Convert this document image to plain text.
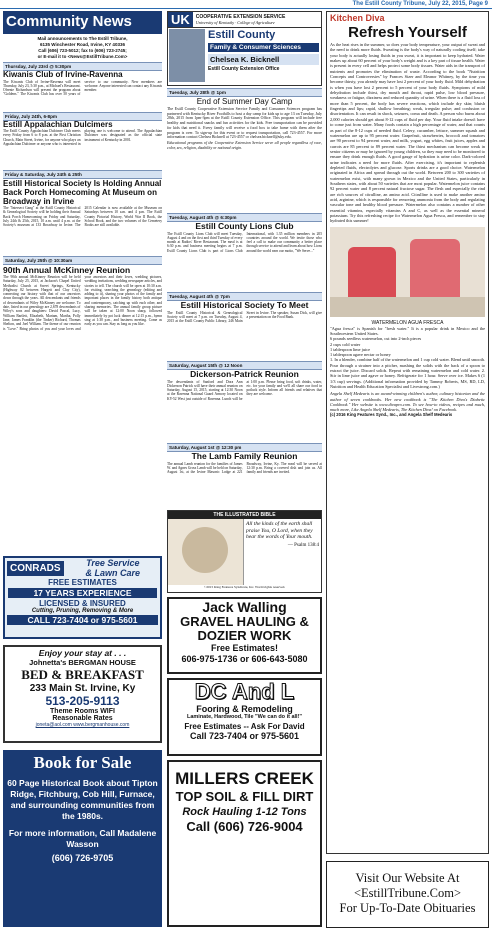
The Estill County Tribune, July 22, 2015, Page 9
Community News
Mail announcements to The Estill Tribune,
6135 Winchester Road, Irvine, KY 40336
Call (606) 723-5012; fax to (606) 723-2745;
or E-mail it to <News@EstillTribune.Com>
Thursday, July 23rd @ 5:30pm
Kiwanis Club of Irvine-Ravenna
The Kiwanis Club of Irvine-Ravenna will meet Thursday, July 23, 5:30 p.m., at Michael's Restaurant. Ofrenie Richardson will present the program about "Goldens." The Kiwanis Club has over 50 years of service to our community. New members are welcome. Anyone interested can contact any Kiwanis member.
Friday, July 24th, 6-8pm
Estill Appalachian Dulcimers
The Estill County Appalachian Dulcimer Club meets every Friday from 6 to 8 p.m. at the First Christian Church, Main Street, Irvine, for anyone who plays an Appalachian Dulcimer or anyone who is interested in playing one is welcome to attend. The Appalachian Dulcimer was designated as the official state instrument of Kentucky in 2001.
Friday & Saturday, July 24th & 25th
Estill Historical Society Is Holding Annual Back Porch Homecoming At Museum on Broadway in Irvine
The "Intersect Gang" at the Estill County Historical & Genealogical Society will be holding their Annual Back Porch Homecoming on Friday and Saturday, July 24th & 25th, 2015, 10 a.m. until 4 p.m. at the Society's museum at 133 Broadway in Irvine. The 2015 Calendar is now available at the Museum on Saturdays between 10 a.m. and 4 p.m. The Estill County Pictorial History, World War II Book, the School Book, and the two volumes of the Cemetery Books are still available.
Saturday, July 25th @ 10:30am
90th Annual McKinney Reunion
The 90th annual McKinney Reunion will be held Saturday, July 25, 2015, at Jackson's Chapel United Methodist Church at Sweet Springs, Kentucky (Highway 82 between Hargett and Clay City), connecting our history with that of our ancestors down through the years. All descendants and friends of descendants of Wiley McKinney are welcome. To date, listed in our genealogy are 2,678 descendants of Wiley's sons and daughters: David Pascal, Lucy, William Bartlett, Elizabeth, Mariam, Martha, Polly Jane, James Franklin (the Tinker) Richard, Thomas Shelton, and Joel William. The theme of our reunion is "Love." Bring photos of you and your loves and your ancestors and their loves, wedding pictures, wedding invitations, wedding newspaper articles, and stories to tell. The church will be open at 10:30 a.m. for visiting, searching the genealogy (editing and adding to it), sharing your photos of the family and important places in the family history both antique and contemporary, catching up with each other, and sharing memories. The annual family group picture will be taken at 12:00 Noon sharp, followed immediately by pot luck dinner at 12:15 p.m., hymn sing at 1:30 p.m., and business meeting. Come as early as you can. Stay as long as you like.
CONRADS	Tree Service
& Lawn Care
FREE ESTIMATES
17 YEARS EXPERIENCE
LICENSED & INSURED
Cutting, Pruning, Removing & More
CALL 723-7404 or 975-5601
Enjoy your stay at . . .
Johnetta's BERGMAN HOUSE
BED & BREAKFAST
233 Main St. Irvine, Ky
513-205-9113
Theme Rooms WIFI
Reasonable Rates
joneta@aol.com www.bergmanhouse.com
Book for Sale
60 Page Historical Book about Tipton Ridge, Fitchburg, Cob Hill, Furnace, and surrounding communities from the 1980s.
For more information, Call Madalene Wasson
(606) 726-9705
UK	COOPERATIVE EXTENSION SERVICE
University of Kentucky · College of Agriculture
Estill County
Family & Consumer Sciences
Chelsea K. Bicknell
Estill County Extension Office
Tuesday, July 28th @ 1pm
End of Summer Day Camp
The Estill County Cooperative Extension Service Family and Consumer Sciences program has partnered with Kentucky River Foothills to host a day camp for kids up to age 13 on Tuesday, July 28th, 2015 from 1pm-3pm at the Estill County Extension Office. This program will include free healthy and nutritional snacks and fun activities for the kids. Free transportation can be provided for kids that need it. Every family will receive a food box to take home with them after the program is over. To sign-up for this event or to request transportation, call 723-4557. For more information contact Chelsea Bicknell at 723-4557 or chelsea.bicknell@uky.edu.
Educational programs of the Cooperative Extension Service serve all people regardless of race, color, sex, religion, disability or national origin.
Tuesday, August 4th @ 6:30pm
Estill County Lions Club
The Estill County Lions Club will meet Tuesday, August 4 and on the first and third Tuesday of every month at Radios' River Restaurant. The meal is at 6:30 p.m. and business meeting begins at 7 p.m. Estill County Lions Club is part of Lions Club International, with 1.35 million members in 205 countries around the world. We invite those who feel a call to make our community a better place through service to attend and learn about how Lions around the world earn our motto, "We Serve..."
Tuesday, August 4th @ 7pm
Estill Historical Society To Meet
The Estill County Historical & Genealogical Society will meet at 7 p.m. on Tuesday, August 4, 2015 at the Estill County Public Library, 246 Main Street in Irvine. The speaker, Susan Dick, will give a presentation on the Food Bank.
Saturday, August 15th @ 12 Noon
Dickerson-Patrick Reunion
The descendants of Sanford and Dora Ann Dickerson Patrick will have their annual reunion on Saturday, August 15, 2015, starting at 12:30 Noon at the Ravenna National Guard Armory located on KY-52 West just outside of Ravenna. Lunch will be at 1:00 p.m. Please bring food, soft drinks, water, etc. for your family and we'll all share our food in potluck style. Inform all friends and relatives that they are welcome.
Saturday, August 1st @ 12:30 pm
The Lamb Family Reunion
The annual Lamb reunion for the families of James W. and Agnes Gross Lamb will be held on Saturday, August 1st, at the Irvine Masonic Lodge at 221 Broadway, Irvine, Ky. The meal will be served at 12:30 p.m. Bring a covered dish and join us. All family and friends are invited.
THE ILLUSTRATED BIBLE
All the kinds of the earth shall praise You, O Lord, when they hear the words of Your mouth.
— Psalm 138:4
©2015 King Features Syndicate, Inc. World rights reserved.
Jack Walling
GRAVEL HAULING &
DOZIER WORK
Free Estimates!
606-975-1736 or 606-643-5080
DC And L
Fooring & Remodeling
Laminate, Hardwood, Tile "We can do it all!"
Free Estimates -- Ask For David
Call 723-7404 or 975-5601
MILLERS CREEK
TOP SOIL & FILL DIRT
Rock Hauling 1-12 Tons
Call (606) 726-9004
Kitchen Diva
Refresh Yourself
As the heat rises in the summer, so does your body temperature, your output of sweat and the need to drink more fluids. Sweating is the body's way of naturally cooling itself; take your body is actually losing fluids in you sweat, it is important to keep hydrated. Water makes up about 60 percent of your body's weight and is a key part of tissue health. Water is present in every cell and helps protect some body tissues. Water aids in the transport of nutrients and promotes the elimination of waste. According to the book "Nutrition Concepts and Controversies" by Frances Sizer and Eleanor Whitney, by the time you become thirsty, you already may have lost 2 percent of your body fluid. Mild dehydration is when you have lost 2 percent to 5 percent of your body fluids. Symptoms of mild dehydration include thirst, dry mouth and throat, rapid pulse, low blood pressure, weakness or fatigue, dizziness and reduced quantity of urine. When there is a fluid loss of more than 5 percent, the body has severe reactions, which include dry skin; bluish fingertips and lips; rapid, shallow breathing; weak, irregular pulse; and confusion or disorientation. It can result in shock, seizures, coma and death. A person who burns about 2,000 calories should get about 8-12 cups of fluid per day. Your fluid intake doesn't have to come just from water. Many foods contain a high percentage of water, and that counts as part of the 8-12 cups of needed fluid. Celery, cucumber, lettuce, summer squash and watermelon are up to 95 percent water. Grapefruit, strawberries, broccoli and tomatoes are 90 percent to 94 percent water, and milk, yogurt, egg whites, fruit juices, apples and carrots are 85 percent to 89 percent water. The thirst mechanism can become weak in senior citizens or may be ignored by young children, so they may need to be monitored to ensure they drink enough fluids. A good gauge of hydration is urine color. Dark-colored urine indicates a need for more fluids. After exercising, it's important to replenish depleted fluids, electrolytes and glucose. Sports drinks are a good choice. Watermelon originated in Africa and spread through out the world. Between 200 to 300 varieties of watermelon exist, with many grown in Mexico and the United States, particularly in Southern states, with about 50 varieties that are most popular. Watermelon juice contains 92 percent water and 8 percent natural fructose sugar. The flesh and especially the rind are rich sources of citrulline, an amino acid. Citrulline is used to make another amino acid, arginine, which is responsible for removing ammonia from the body and regulating vascular tone and healthy blood pressure. Watermelon also contains a number of other essential vitamins, especially vitamins A and C, as well as the essential mineral potassium. Try this refreshing recipe for Watermelon Agua Fresca, and remember to stay hydrated this summer!
WATERMELON AGUA FRESCA
"Agua fresca" is Spanish for "fresh water." It is a popular drink in Mexico and the Southwestern United States.
6 pounds seedless watermelon, cut into 2-inch pieces
2 cups cold water
1 tablespoon lime juice
1 tablespoon agave nectar or honey
1. In a blender, combine half of the watermelon and 1 cup cold water. Blend until smooth. Pour through a strainer into a pitcher, mashing the solids with the back of a spoon to extract the juice. Discard solids. Repeat with remaining watermelon and cold water. 2. Stir in lime juice and agave or honey. Refrigerate for 1 hour. Serve over ice. Makes 6 (1 1/3 cup) servings. (Additional information provided by Tammy Roberts, MS, RD, LD, Nutrition and Health Education Specialist and Livestrong.com.)
Angela Shelf Medearis is an award-winning children's author, culinary historian and the author of seven cookbooks. Her new cookbook is "The Kitchen Diva's Diabetic Cookbook." Her website is www.divapro.com. To see how-to videos, recipes and much, much more, Like Angela Shelf Medearis, The Kitchen Diva! on Facebook.
(c) 2016 King Features Synd., Inc., and Angela Shelf Medearis
Visit Our Website At
<EstillTribune.Com>
For Up-To-Date Obituaries
